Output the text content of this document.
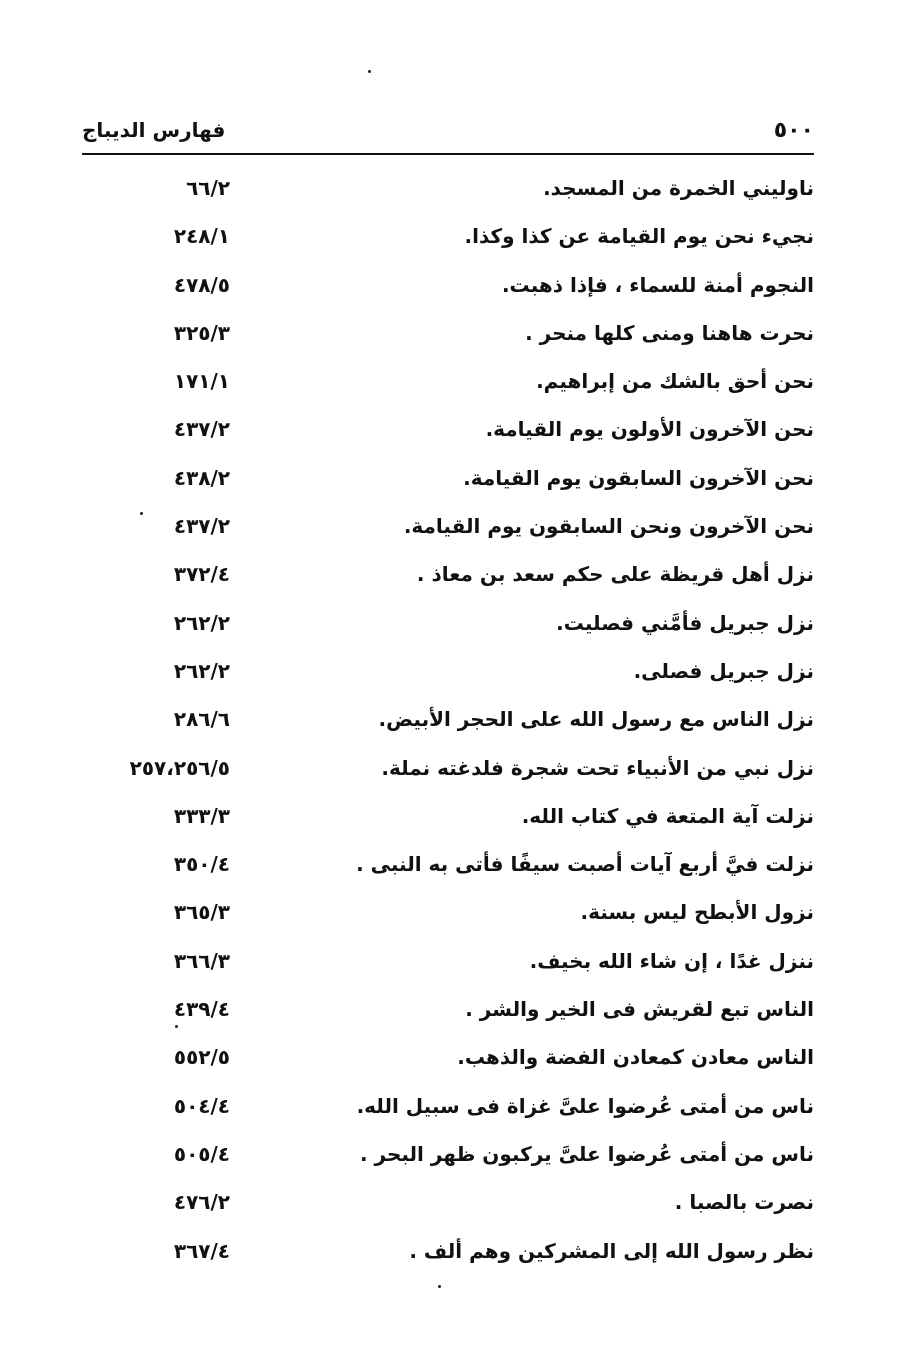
٥٠٠
فهارس الديباج
ناوليني الخمرة من المسجد.
٦٦/٢
نجيء نحن يوم القيامة عن كذا وكذا.
٢٤٨/١
النجوم أمنة للسماء ، فإذا ذهبت.
٤٧٨/٥
نحرت هاهنا ومنى كلها منحر .
٣٢٥/٣
نحن أحق بالشك من إبراهيم.
١٧١/١
نحن الآخرون الأولون يوم القيامة.
٤٣٧/٢
نحن الآخرون السابقون يوم القيامة.
٤٣٨/٢
نحن الآخرون ونحن السابقون يوم القيامة.
٤٣٧/٢
نزل أهل قريظة على حكم سعد بن معاذ .
٣٧٢/٤
نزل جبريل فأمَّني فصليت.
٢٦٢/٢
نزل جبريل فصلى.
٢٦٢/٢
نزل الناس مع رسول الله على الحجر الأبيض.
٢٨٦/٦
نزل نبي من الأنبياء تحت شجرة فلدغته نملة.
٢٥٧،٢٥٦/٥
نزلت آية المتعة في كتاب الله.
٣٣٣/٣
نزلت فيَّ أربع آيات أصبت سيفًا فأتى به النبى .
٣٥٠/٤
نزول الأبطح ليس بسنة.
٣٦٥/٣
ننزل غدًا ، إن شاء الله بخيف.
٣٦٦/٣
الناس تبع لقريش فى الخير والشر .
٤٣٩/٤
الناس معادن كمعادن الفضة والذهب.
٥٥٢/٥
ناس من أمتى عُرضوا علىَّ غزاة فى سبيل الله.
٥٠٤/٤
ناس من أمتى عُرضوا علىَّ يركبون ظهر البحر .
٥٠٥/٤
نصرت بالصبا .
٤٧٦/٢
نظر رسول الله إلى المشركين وهم ألف .
٣٦٧/٤
